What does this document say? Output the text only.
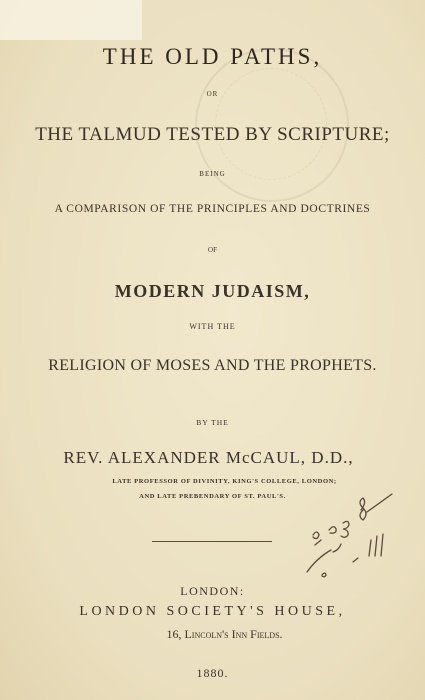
THE OLD PATHS,

OR

THE TALMUD TESTED BY SCRIPTURE;

BEING

A COMPARISON OF THE PRINCIPLES AND DOCTRINES

OF

MODERN JUDAISM,

WITH THE

RELIGION OF MOSES AND THE PROPHETS.

BY THE

REV. ALEXANDER McCAUL, D.D.,

LATE PROFESSOR OF DIVINITY, KING'S COLLEGE, LONDON;

AND LATE PREBENDARY OF ST. PAUL'S.

LONDON:

LONDON SOCIETY'S HOUSE,

16, Lincoln's Inn Fields.

1880.
